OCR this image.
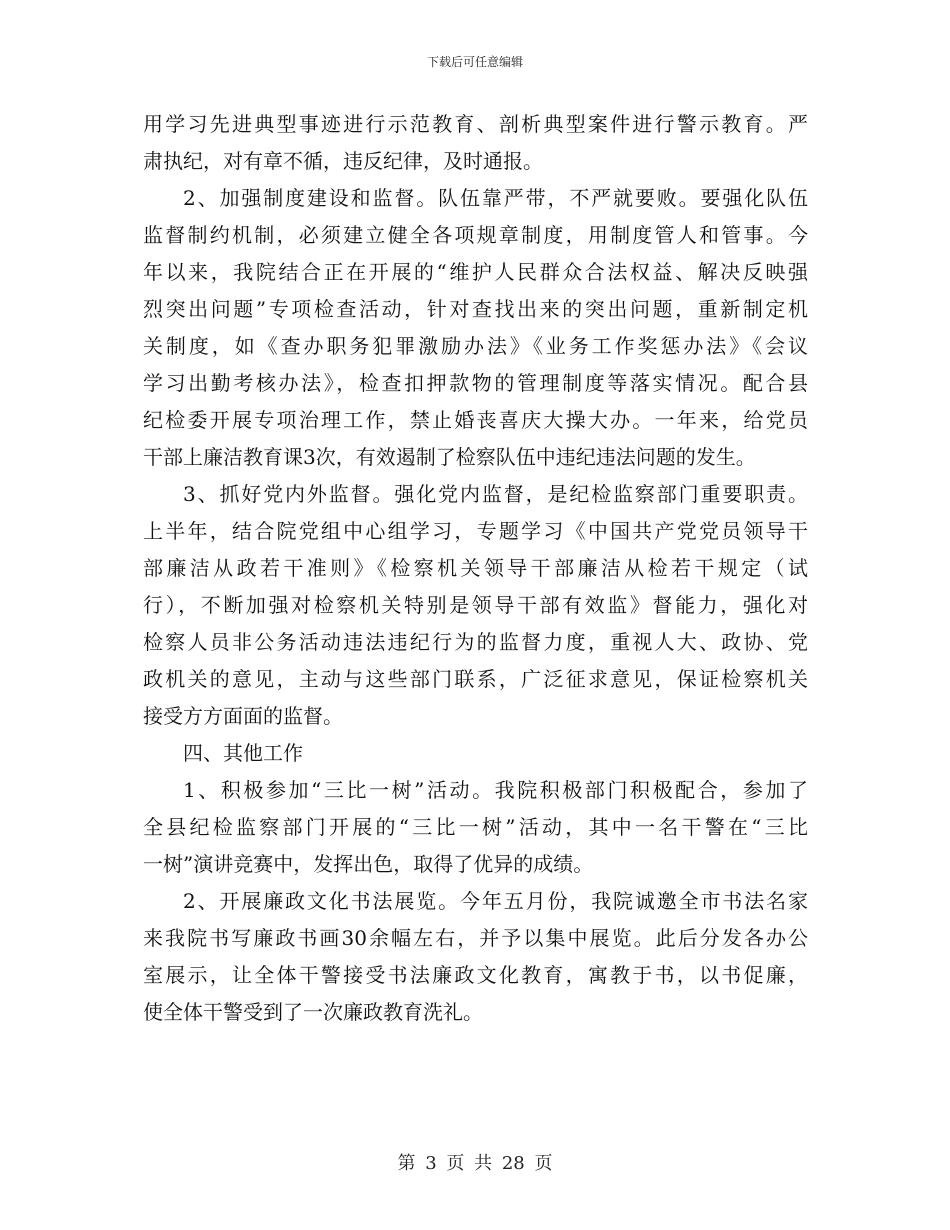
下载后可任意编辑
用学习先进典型事迹进行示范教育、剖析典型案件进行警示教育。严
肃执纪，对有章不循，违反纪律，及时通报。
2、加强制度建设和监督。队伍靠严带，不严就要败。要强化队伍
监督制约机制，必须建立健全各项规章制度，用制度管人和管事。今
年以来，我院结合正在开展的“维护人民群众合法权益、解决反映强
烈突出问题”专项检查活动，针对查找出来的突出问题，重新制定机
关制度，如《查办职务犯罪激励办法》《业务工作奖惩办法》《会议
学习出勤考核办法》，检查扣押款物的管理制度等落实情况。配合县
纪检委开展专项治理工作，禁止婚丧喜庆大操大办。一年来，给党员
干部上廉洁教育课3次，有效遏制了检察队伍中违纪违法问题的发生。
3、抓好党内外监督。强化党内监督，是纪检监察部门重要职责。
上半年，结合院党组中心组学习，专题学习《中国共产党党员领导干
部廉洁从政若干准则》《检察机关领导干部廉洁从检若干规定（试
行），不断加强对检察机关特别是领导干部有效监》督能力，强化对
检察人员非公务活动违法违纪行为的监督力度，重视人大、政协、党
政机关的意见，主动与这些部门联系，广泛征求意见，保证检察机关
接受方方面面的监督。
四、其他工作
1、积极参加“三比一树”活动。我院积极部门积极配合，参加了
全县纪检监察部门开展的“三比一树”活动，其中一名干警在“三比
一树”演讲竞赛中，发挥出色，取得了优异的成绩。
2、开展廉政文化书法展览。今年五月份，我院诚邀全市书法名家
来我院书写廉政书画30余幅左右，并予以集中展览。此后分发各办公
室展示，让全体干警接受书法廉政文化教育，寓教于书，以书促廉，
使全体干警受到了一次廉政教育洗礼。
第 3 页 共 28 页
